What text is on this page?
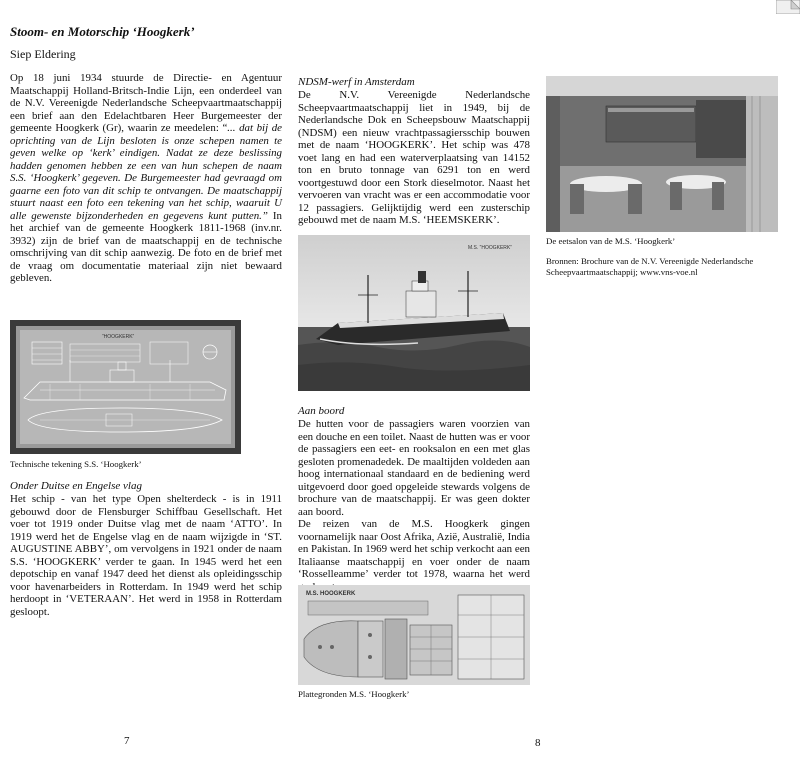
Stoom- en Motorschip ‘Hoogkerk’
Siep Eldering

Op 18 juni 1934 stuurde de Directie- en Agentuur Maatschappij Holland-Britsch-Indie Lijn, een onderdeel van de N.V. Vereenigde Nederlandsche Scheepvaartmaatschappij een brief aan den Edelachtbaren Heer Burgemeester der gemeente Hoogkerk (Gr), waarin ze meedelen: “... dat bij de oprichting van de Lijn besloten is onze schepen namen te geven welke op ‘kerk’ eindigen. Nadat ze deze beslissing hadden genomen hebben ze een van hun schepen de naam S.S. ‘Hoogkerk’ gegeven. De Burgemeester had gevraagd om gaarne een foto van dit schip te ontvangen. De maatschappij stuurt naast een foto een tekening van het schip, waaruit U alle gewenste bijzonderheden en gegevens kunt putten.” In het archief van de gemeente Hoogkerk 1811-1968 (inv.nr. 3932) zijn de brief van de maatschappij en de technische omschrijving van dit schip aanwezig. De foto en de brief met de vraag om documentatie materiaal zijn niet bewaard gebleven.

“HOOGKERK”
Technische tekening S.S. ‘Hoogkerk’
Onder Duitse en Engelse vlag

Het schip - van het type Open shelterdeck - is in 1911 gebouwd door de Flensburger Schiffbau Gesellschaft. Het voer tot 1919 onder Duitse vlag met de naam ‘ATTO’. In 1919 werd het de Engelse vlag en de naam wijzigde in ‘ST. AUGUSTINE ABBY’, om vervolgens in 1921 onder de naam S.S. ‘HOOGKERK’ verder te gaan. In 1945 werd het een depotschip en vanaf 1947 deed het dienst als opleidingsschip voor havenarbeiders in Rotterdam. In 1949 werd het schip herdoopt in ‘VETERAAN’. Het werd in 1958 in Rotterdam gesloopt.

7
NDSM-werf in Amsterdam

De N.V. Vereenigde Nederlandsche Scheepvaartmaatschappij liet in 1949, bij de Nederlandsche Dok en Scheepsbouw Maatschappij (NDSM) een nieuw vrachtpassagiersschip bouwen met de naam ‘HOOGKERK’. Het schip was 478 voet lang en had een waterverplaatsing van 14152 ton en bruto tonnage van 6291 ton en werd voortgestuwd door een Stork dieselmotor. Naast het vervoeren van vracht was er een accommodatie voor 12 passagiers. Gelijktijdig werd een zusterschip gebouwd met de naam M.S. ‘HEEMSKERK’.

M.S. “HOOGKERK”
Aan boord

De hutten voor de passagiers waren voorzien van een douche en een toilet. Naast de hutten was er voor de passagiers een eet- en rooksalon en een met glas gesloten promenadedek. De maaltijden voldeden aan hoog internationaal standaard en de bediening werd uitgevoerd door goed opgeleide stewards volgens de brochure van de maatschappij. Er was geen dokter aan boord.

De reizen van de M.S. Hoogkerk gingen voornamelijk naar Oost Afrika, Azië, Australië, India en Pakistan. In 1969 werd het schip verkocht aan een Italiaanse maatschappij en voer onder de naam ‘Rosselleamme’ verder tot 1978, waarna het werd

M.S. HOOGKERK
Plattegronden M.S. ‘Hoogkerk’
8
De eetsalon van de M.S. ‘Hoogkerk’
Bronnen: Brochure van de N.V. Vereenigde Nederlandsche Scheepvaartmaatschappij; www.vns-voe.nl
